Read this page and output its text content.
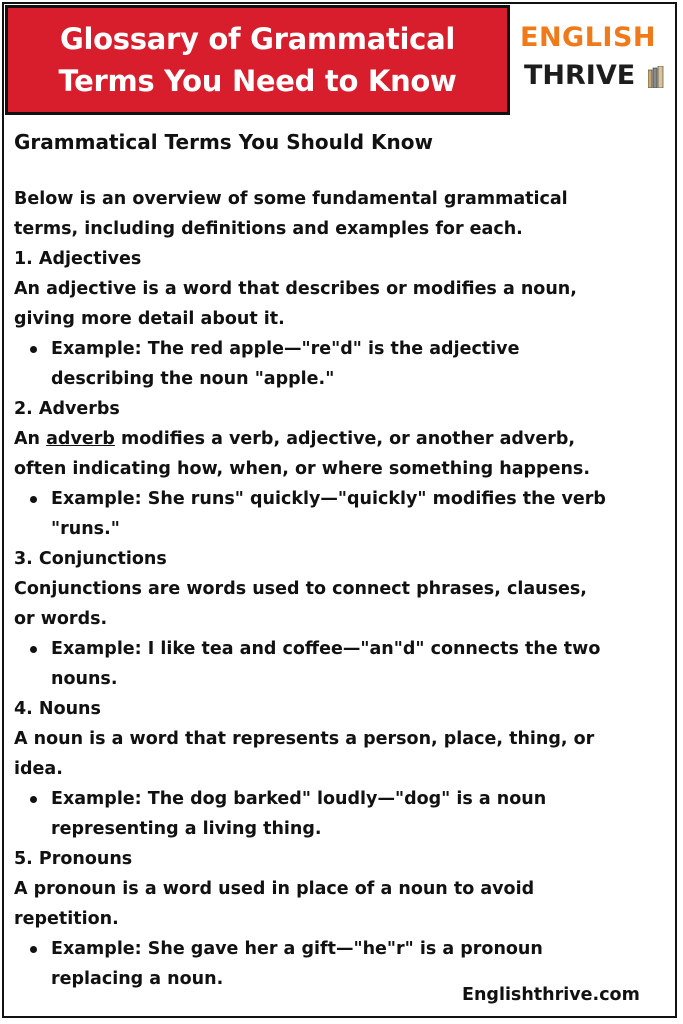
Glossary of Grammatical
Terms You Need to Know
ENGLISH
THRIVE

Grammatical Terms You Should Know

Below is an overview of some fundamental grammatical

terms, including definitions and examples for each.

1. Adjectives

An adjective is a word that describes or modifies a noun,

giving more detail about it.

Example: The red apple—"re"d" is the adjective
describing the noun "apple."

2. Adverbs

An adverb modifies a verb, adjective, or another adverb,

often indicating how, when, or where something happens.

Example: She runs" quickly—"quickly" modifies the verb
"runs."

3. Conjunctions

Conjunctions are words used to connect phrases, clauses,

or words.

Example: I like tea and coffee—"an"d" connects the two
nouns.

4. Nouns

A noun is a word that represents a person, place, thing, or

idea.

Example: The dog barked" loudly—"dog" is a noun
representing a living thing.

5. Pronouns

A pronoun is a word used in place of a noun to avoid

repetition.

Example: She gave her a gift—"he"r" is a pronoun
replacing a noun.
Englishthrive.com
